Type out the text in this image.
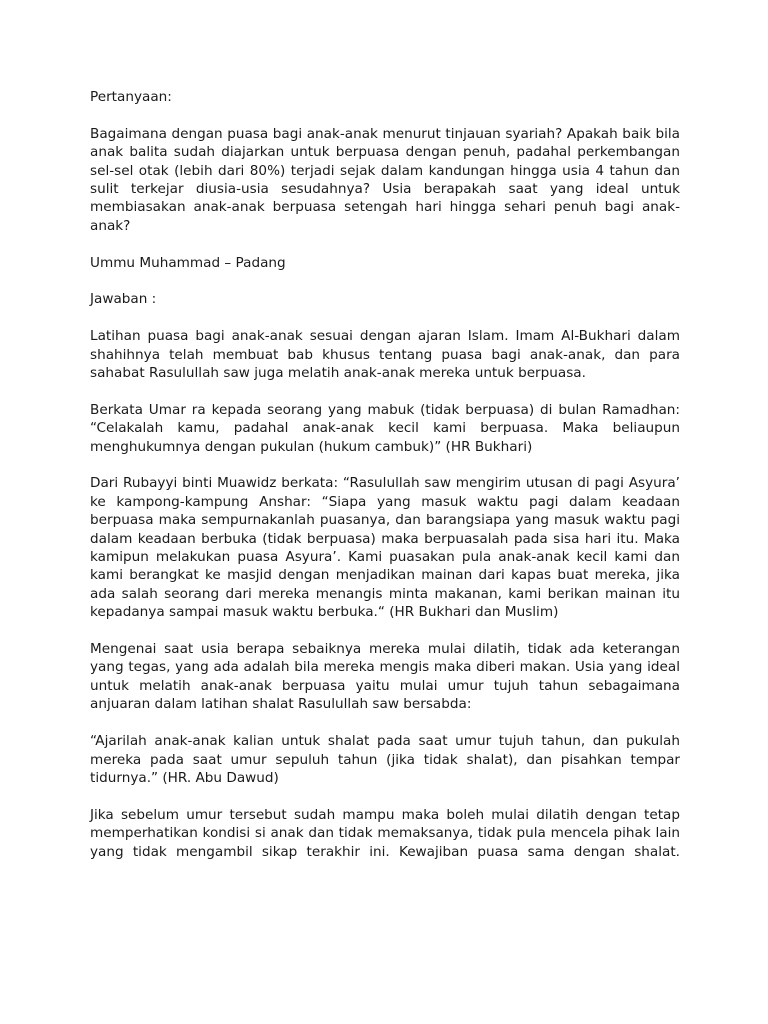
Pertanyaan:

Bagaimana dengan puasa bagi anak-anak menurut tinjauan syariah? Apakah baik bila anak balita sudah diajarkan untuk berpuasa dengan penuh, padahal perkembangan sel-sel otak (lebih dari 80%) terjadi sejak dalam kandungan hingga usia 4 tahun dan sulit terkejar diusia-usia sesudahnya? Usia berapakah saat yang ideal untuk membiasakan anak-anak berpuasa setengah hari hingga sehari penuh bagi anak-anak?

Ummu Muhammad – Padang

Jawaban :

Latihan puasa bagi anak-anak sesuai dengan ajaran Islam. Imam Al-Bukhari dalam shahihnya telah membuat bab khusus tentang puasa bagi anak-anak, dan para sahabat Rasulullah saw juga melatih anak-anak mereka untuk berpuasa.

Berkata Umar ra kepada seorang yang mabuk (tidak berpuasa) di bulan Ramadhan: “Celakalah kamu, padahal anak-anak kecil kami berpuasa. Maka beliaupun menghukumnya dengan pukulan (hukum cambuk)” (HR Bukhari)

Dari Rubayyi binti Muawidz berkata: “Rasulullah saw mengirim utusan di pagi Asyura’ ke kampong-kampung Anshar: “Siapa yang masuk waktu pagi dalam keadaan berpuasa maka sempurnakanlah puasanya, dan barangsiapa yang masuk waktu pagi dalam keadaan berbuka (tidak berpuasa) maka berpuasalah pada sisa hari itu. Maka kamipun melakukan puasa Asyura’. Kami puasakan pula anak-anak kecil kami dan kami berangkat ke masjid dengan menjadikan mainan dari kapas buat mereka, jika ada salah seorang dari mereka menangis minta makanan, kami berikan mainan itu kepadanya sampai masuk waktu berbuka.“ (HR Bukhari dan Muslim)

Mengenai saat usia berapa sebaiknya mereka mulai dilatih, tidak ada keterangan yang tegas, yang ada adalah bila mereka mengis maka diberi makan. Usia yang ideal untuk melatih anak-anak berpuasa yaitu mulai umur tujuh tahun sebagaimana anjuaran dalam latihan shalat Rasulullah saw bersabda:

“Ajarilah anak-anak kalian untuk shalat pada saat umur tujuh tahun, dan pukulah mereka pada saat umur sepuluh tahun (jika tidak shalat), dan pisahkan tempar tidurnya.” (HR. Abu Dawud)

Jika sebelum umur tersebut sudah mampu maka boleh mulai dilatih dengan tetap memperhatikan kondisi si anak dan tidak memaksanya, tidak pula mencela pihak lain yang tidak mengambil sikap terakhir ini. Kewajiban puasa sama dengan shalat.
